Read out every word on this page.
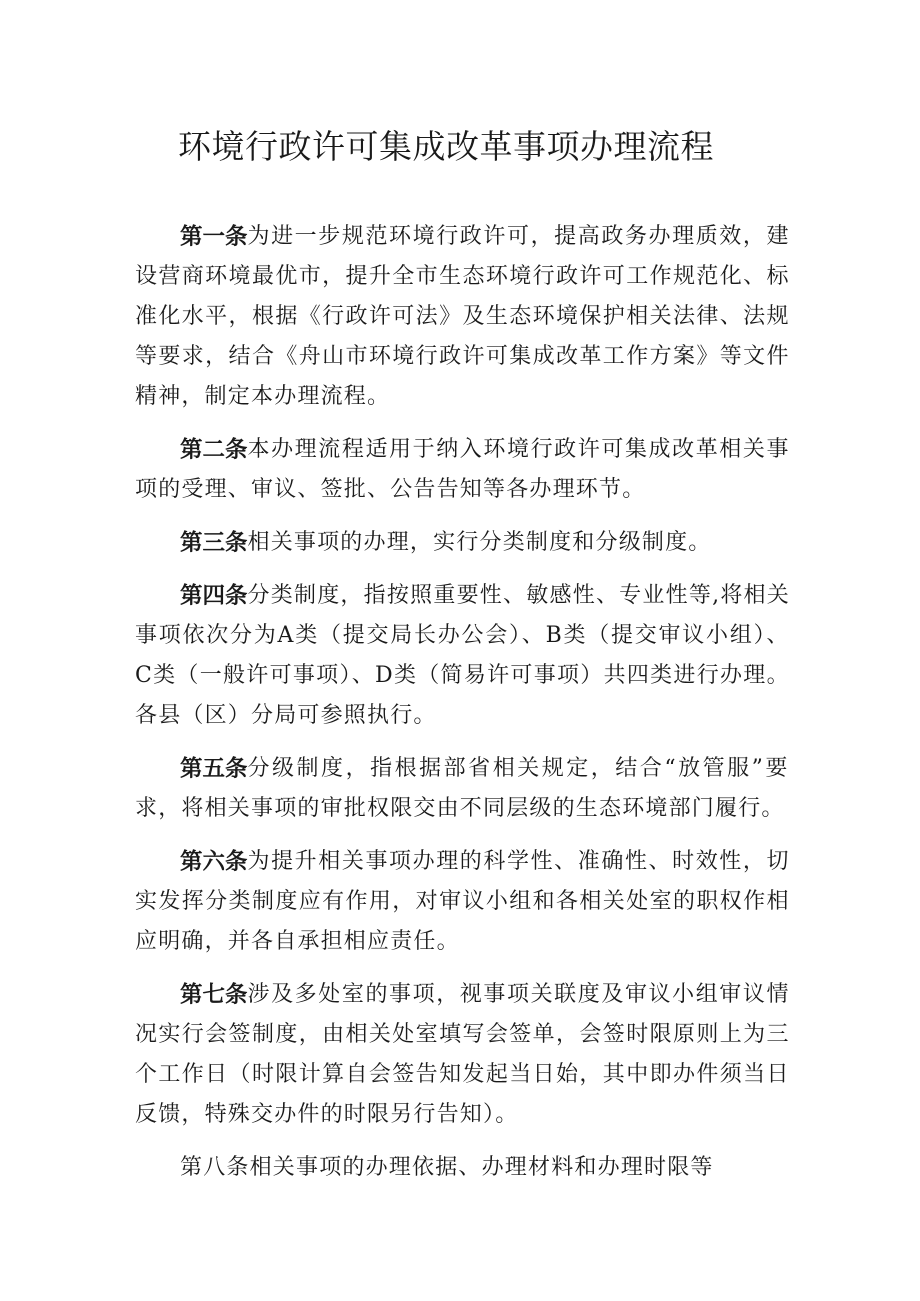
环境行政许可集成改革事项办理流程
第一条 为进一步规范环境行政许可，提高政务办理质效，建
设营商环境最优市，提升全市生态环境行政许可工作规范化、标
准化水平，根据《行政许可法》及生态环境保护相关法律、法规
等要求，结合《舟山市环境行政许可集成改革工作方案》等文件
精神，制定本办理流程。
第二条 本办理流程适用于纳入环境行政许可集成改革相关事
项的受理、审议、签批、公告告知等各办理环节。
第三条 相关事项的办理，实行分类制度和分级制度。
第四条 分类制度，指按照重要性、敏感性、专业性等,将相关
事项依次分为A类（提交局长办公会）、B类（提交审议小组）、
C类（一般许可事项）、D类（简易许可事项）共四类进行办理。
各县（区）分局可参照执行。
第五条 分级制度，指根据部省相关规定，结合“放管服”要
求，将相关事项的审批权限交由不同层级的生态环境部门履行。
第六条 为提升相关事项办理的科学性、准确性、时效性，切
实发挥分类制度应有作用，对审议小组和各相关处室的职权作相
应明确，并各自承担相应责任。
第七条 涉及多处室的事项，视事项关联度及审议小组审议情
况实行会签制度，由相关处室填写会签单，会签时限原则上为三
个工作日（时限计算自会签告知发起当日始，其中即办件须当日
反馈，特殊交办件的时限另行告知）。
第八条相关事项的办理依据、办理材料和办理时限等
